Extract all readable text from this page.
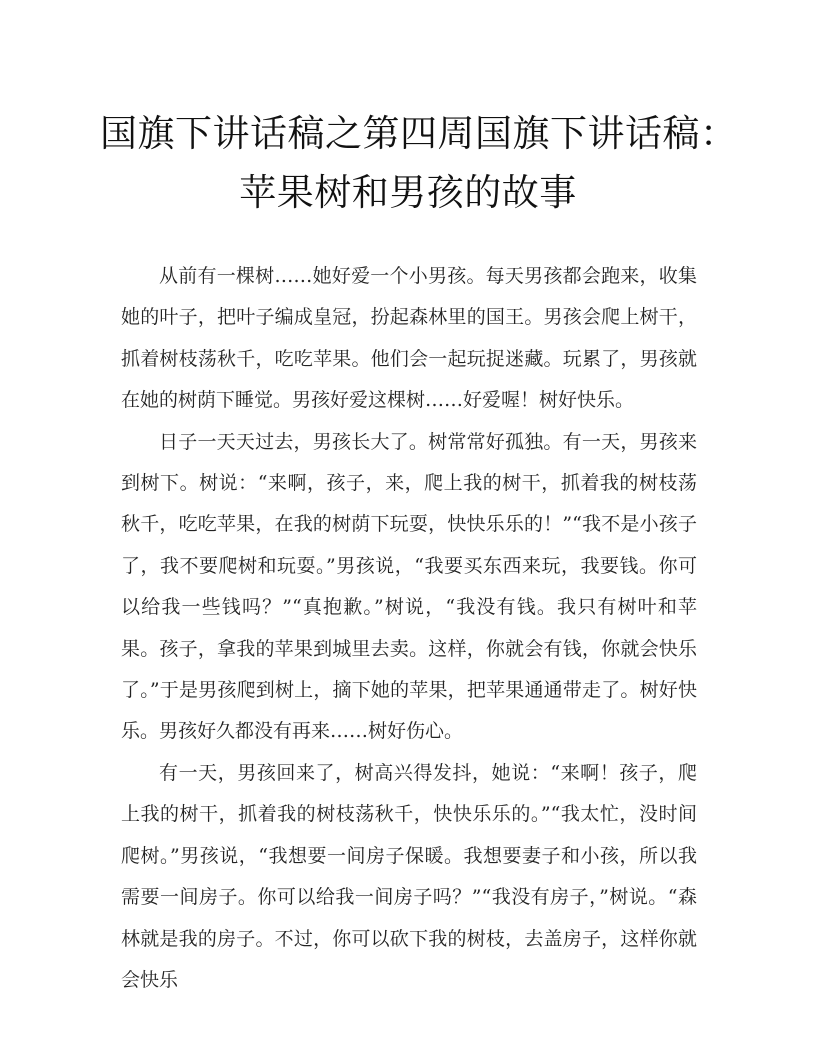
国旗下讲话稿之第四周国旗下讲话稿：
苹果树和男孩的故事

从前有一棵树……她好爱一个小男孩。每天男孩都会跑来，收集她的叶子，把叶子编成皇冠，扮起森林里的国王。男孩会爬上树干，抓着树枝荡秋千，吃吃苹果。他们会一起玩捉迷藏。玩累了，男孩就在她的树荫下睡觉。男孩好爱这棵树……好爱喔！树好快乐。

日子一天天过去，男孩长大了。树常常好孤独。有一天，男孩来到树下。树说：“来啊，孩子，来，爬上我的树干，抓着我的树枝荡秋千，吃吃苹果，在我的树荫下玩耍，快快乐乐的！”“我不是小孩子了，我不要爬树和玩耍。”男孩说，“我要买东西来玩，我要钱。你可以给我一些钱吗？”“真抱歉。”树说，“我没有钱。我只有树叶和苹果。孩子，拿我的苹果到城里去卖。这样，你就会有钱，你就会快乐了。”于是男孩爬到树上，摘下她的苹果，把苹果通通带走了。树好快乐。男孩好久都没有再来……树好伤心。

有一天，男孩回来了，树高兴得发抖，她说：“来啊！孩子，爬上我的树干，抓着我的树枝荡秋千，快快乐乐的。”“我太忙，没时间爬树。”男孩说，“我想要一间房子保暖。我想要妻子和小孩，所以我需要一间房子。你可以给我一间房子吗？”“我没有房子，”树说。“森林就是我的房子。不过，你可以砍下我的树枝，去盖房子，这样你就会快乐
